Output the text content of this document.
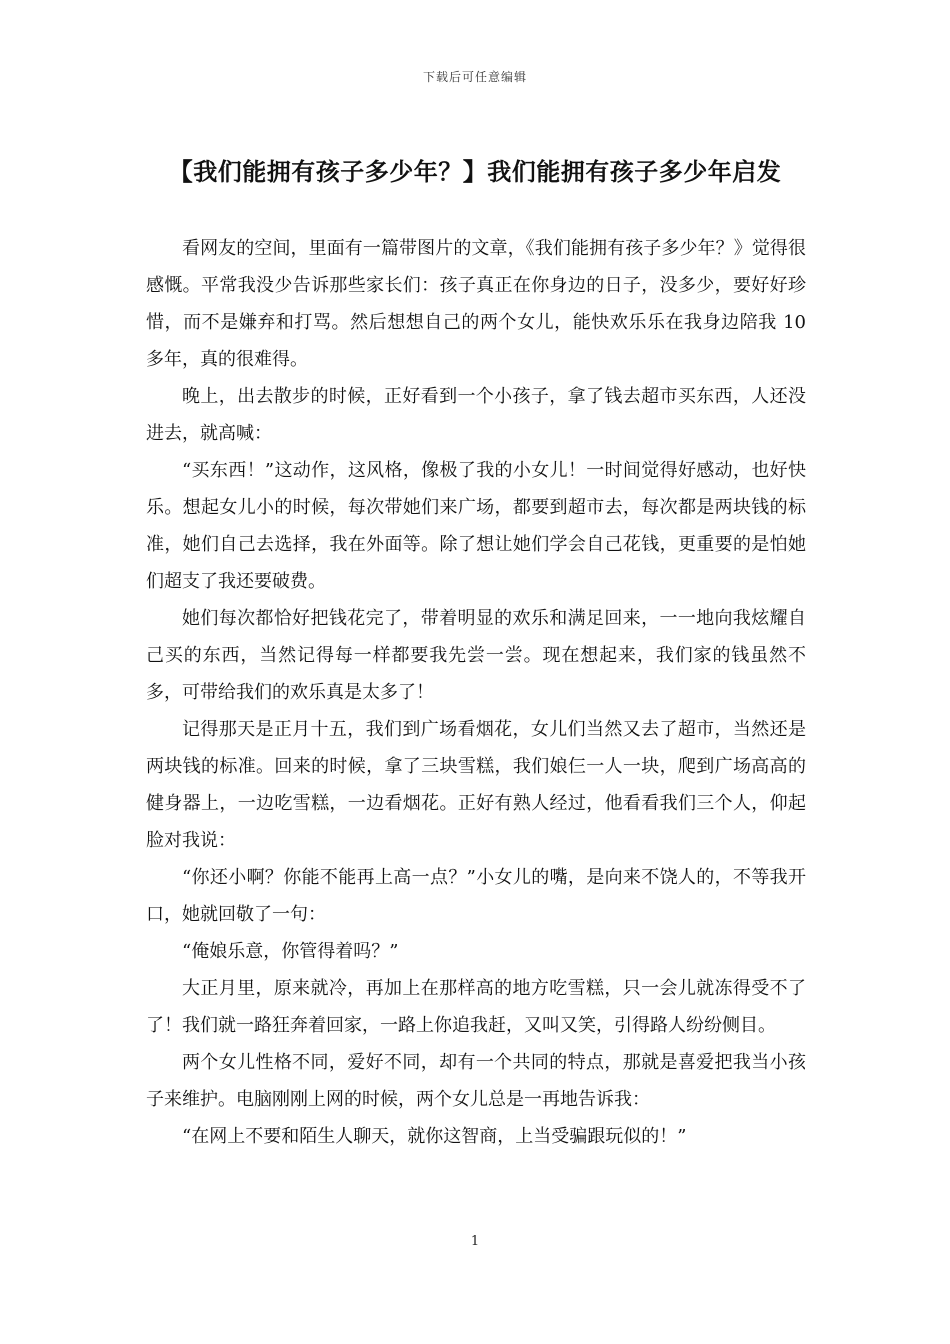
下载后可任意编辑
【我们能拥有孩子多少年？】我们能拥有孩子多少年启发

看网友的空间，里面有一篇带图片的文章，《我们能拥有孩子多少年？》觉得很感慨。平常我没少告诉那些家长们：孩子真正在你身边的日子，没多少，要好好珍惜，而不是嫌弃和打骂。然后想想自己的两个女儿，能快欢乐乐在我身边陪我 10 多年，真的很难得。

晚上，出去散步的时候，正好看到一个小孩子，拿了钱去超市买东西，人还没进去，就高喊：

“买东西！”这动作，这风格，像极了我的小女儿！一时间觉得好感动，也好快乐。想起女儿小的时候，每次带她们来广场，都要到超市去，每次都是两块钱的标准，她们自己去选择，我在外面等。除了想让她们学会自己花钱，更重要的是怕她们超支了我还要破费。

她们每次都恰好把钱花完了，带着明显的欢乐和满足回来，一一地向我炫耀自己买的东西，当然记得每一样都要我先尝一尝。现在想起来，我们家的钱虽然不多，可带给我们的欢乐真是太多了！

记得那天是正月十五，我们到广场看烟花，女儿们当然又去了超市，当然还是两块钱的标准。回来的时候，拿了三块雪糕，我们娘仨一人一块，爬到广场高高的健身器上，一边吃雪糕，一边看烟花。正好有熟人经过，他看看我们三个人，仰起脸对我说：

“你还小啊？你能不能再上高一点？”小女儿的嘴，是向来不饶人的，不等我开口，她就回敬了一句：

“俺娘乐意，你管得着吗？”

大正月里，原来就冷，再加上在那样高的地方吃雪糕，只一会儿就冻得受不了了！我们就一路狂奔着回家，一路上你追我赶，又叫又笑，引得路人纷纷侧目。

两个女儿性格不同，爱好不同，却有一个共同的特点，那就是喜爱把我当小孩子来维护。电脑刚刚上网的时候，两个女儿总是一再地告诉我：

“在网上不要和陌生人聊天，就你这智商，上当受骗跟玩似的！”

1
